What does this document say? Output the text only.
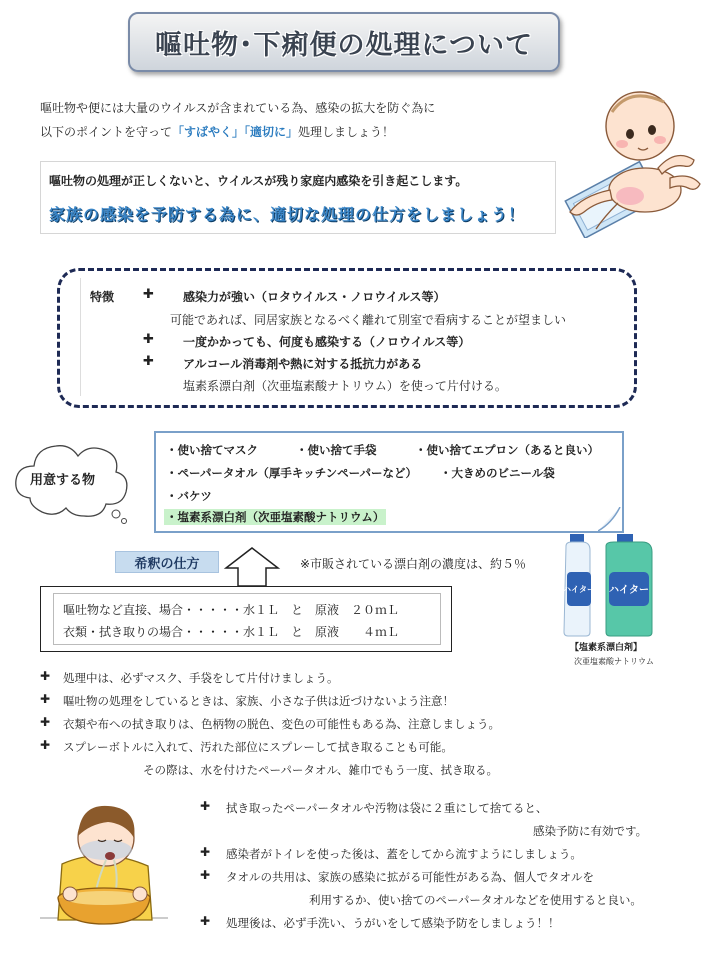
嘔吐物･下痢便の処理について
嘔吐物や便には大量のウイルスが含まれている為、感染の拡大を防ぐ為に
以下のポイントを守って「すばやく」「適切に」処理しましょう！
嘔吐物の処理が正しくないと、ウイルスが残り家庭内感染を引き起こします。
家族の感染を予防する為に、適切な処理の仕方をしましょう！
特徴 ✚ 感染力が強い（ロタウイルス・ノロウイルス等）
可能であれば、同居家族となるべく離れて別室で看病することが望ましい
✚ 一度かかっても、何度も感染する（ノロウイルス等）
✚ アルコール消毒剤や熱に対する抵抗力がある
塩素系漂白剤（次亜塩素酸ナトリウム）を使って片付ける。
用意する物
・使い捨てマスク	・使い捨て手袋	・使い捨てエプロン（あると良い）
・ペーパータオル（厚手キッチンペーパーなど） ・大きめのビニール袋
・バケツ
・塩素系漂白剤（次亜塩素酸ナトリウム）
希釈の仕方	※市販されている漂白剤の濃度は、約５％
嘔吐物など直接、場合・・・・・水１Ｌ　と　原液　２０ｍＬ
衣類・拭き取りの場合・・・・・水１Ｌ　と　原液　　４ｍＬ
ハイター ハイター
【塩素系漂白剤】
次亜塩素酸ナトリウム
✚ 処理中は、必ずマスク、手袋をして片付けましょう。
✚ 嘔吐物の処理をしているときは、家族、小さな子供は近づけないよう注意！
✚ 衣類や布への拭き取りは、色柄物の脱色、変色の可能性もある為、注意しましょう。
✚ スプレーボトルに入れて、汚れた部位にスプレーして拭き取ることも可能。
その際は、水を付けたペーパータオル、雑巾でもう一度、拭き取る。
✚ 拭き取ったペーパータオルや汚物は袋に２重にして捨てると、
感染予防に有効です。
✚ 感染者がトイレを使った後は、蓋をしてから流すようにしましょう。
✚ タオルの共用は、家族の感染に拡がる可能性がある為、個人でタオルを
利用するか、使い捨てのペーパータオルなどを使用すると良い。
✚ 処理後は、必ず手洗い、うがいをして感染予防をしましょう！！
